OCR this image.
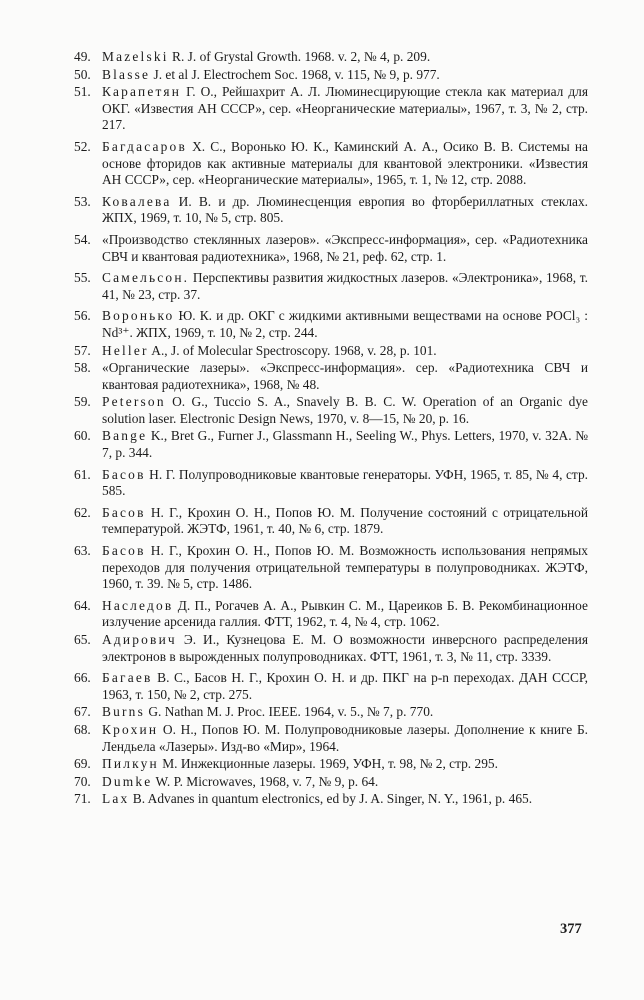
49. Mazelski R. J. of Grystal Growth. 1968. v. 2, № 4, p. 209.
50. Blasse J. et al J. Electrochem Soc. 1968, v. 115, № 9, p. 977.
51. Карапетян Г. О., Рейшахрит А. Л. Люминесцирующие стекла как материал для ОКГ. «Известия АН СССР», сер. «Неорганические материалы», 1967, т. 3, № 2, стр. 217.
52. Багдасаров Х. С., Воронько Ю. К., Каминский А. А., Осико В. В. Системы на основе фторидов как активные материалы для квантовой электроники. «Известия АН СССР», сер. «Неорганические материалы», 1965, т. 1, № 12, стр. 2088.
53. Ковалева И. В. и др. Люминесценция европия во фторбериллатных стеклах. ЖПХ, 1969, т. 10, № 5, стр. 805.
54. «Производство стеклянных лазеров». «Экспресс-информация», сер. «Радиотехника СВЧ и квантовая радиотехника», 1968, № 21, реф. 62, стр. 1.
55. Самельсон. Перспективы развития жидкостных лазеров. «Электроника», 1968, т. 41, № 23, стр. 37.
56. Воронько Ю. К. и др. ОКГ с жидкими активными веществами на основе POCl₃ : Nd³⁺. ЖПХ, 1969, т. 10, № 2, стр. 244.
57. Heller A., J. of Molecular Spectroscopy. 1968, v. 28, p. 101.
58. «Органические лазеры». «Экспресс-информация». сер. «Радиотехника СВЧ и квантовая радиотехника», 1968, № 48.
59. Peterson O. G., Tuccio S. A., Snavely B. B. C. W. Operation of an Organic dye solution laser. Electronic Design News, 1970, v. 8—15, № 20, p. 16.
60. Bange K., Bret G., Furner J., Glassmann H., Seeling W., Phys. Letters, 1970, v. 32A. № 7, p. 344.
61. Басов Н. Г. Полупроводниковые квантовые генераторы. УФН, 1965, т. 85, № 4, стр. 585.
62. Басов Н. Г., Крохин О. Н., Попов Ю. М. Получение состояний с отрицательной температурой. ЖЭТФ, 1961, т. 40, № 6, стр. 1879.
63. Басов Н. Г., Крохин О. Н., Попов Ю. М. Возможность использования непрямых переходов для получения отрицательной температуры в полупроводниках. ЖЭТФ, 1960, т. 39. № 5, стр. 1486.
64. Наследов Д. П., Рогачев А. А., Рывкин С. М., Цареиков Б. В. Рекомбинационное излучение арсенида галлия. ФТТ, 1962, т. 4, № 4, стр. 1062.
65. Адирович Э. И., Кузнецова Е. М. О возможности инверсного распределения электронов в вырожденных полупроводниках. ФТТ, 1961, т. 3, № 11, стр. 3339.
66. Багаев В. С., Басов Н. Г., Крохин О. Н. и др. ПКГ на p-n переходах. ДАН СССР, 1963, т. 150, № 2, стр. 275.
67. Burns G. Nathan M. J. Proc. IEEE. 1964, v. 5., № 7, p. 770.
68. Крохин О. Н., Попов Ю. М. Полупроводниковые лазеры. Дополнение к книге Б. Лендьела «Лазеры». Изд-во «Мир», 1964.
69. Пилкун М. Инжекционные лазеры. 1969, УФН, т. 98, № 2, стр. 295.
70. Dumke W. P. Microwaves, 1968, v. 7, № 9, p. 64.
71. Lax B. Advanes in quantum electronics, ed by J. A. Singer, N. Y., 1961, p. 465.
377
